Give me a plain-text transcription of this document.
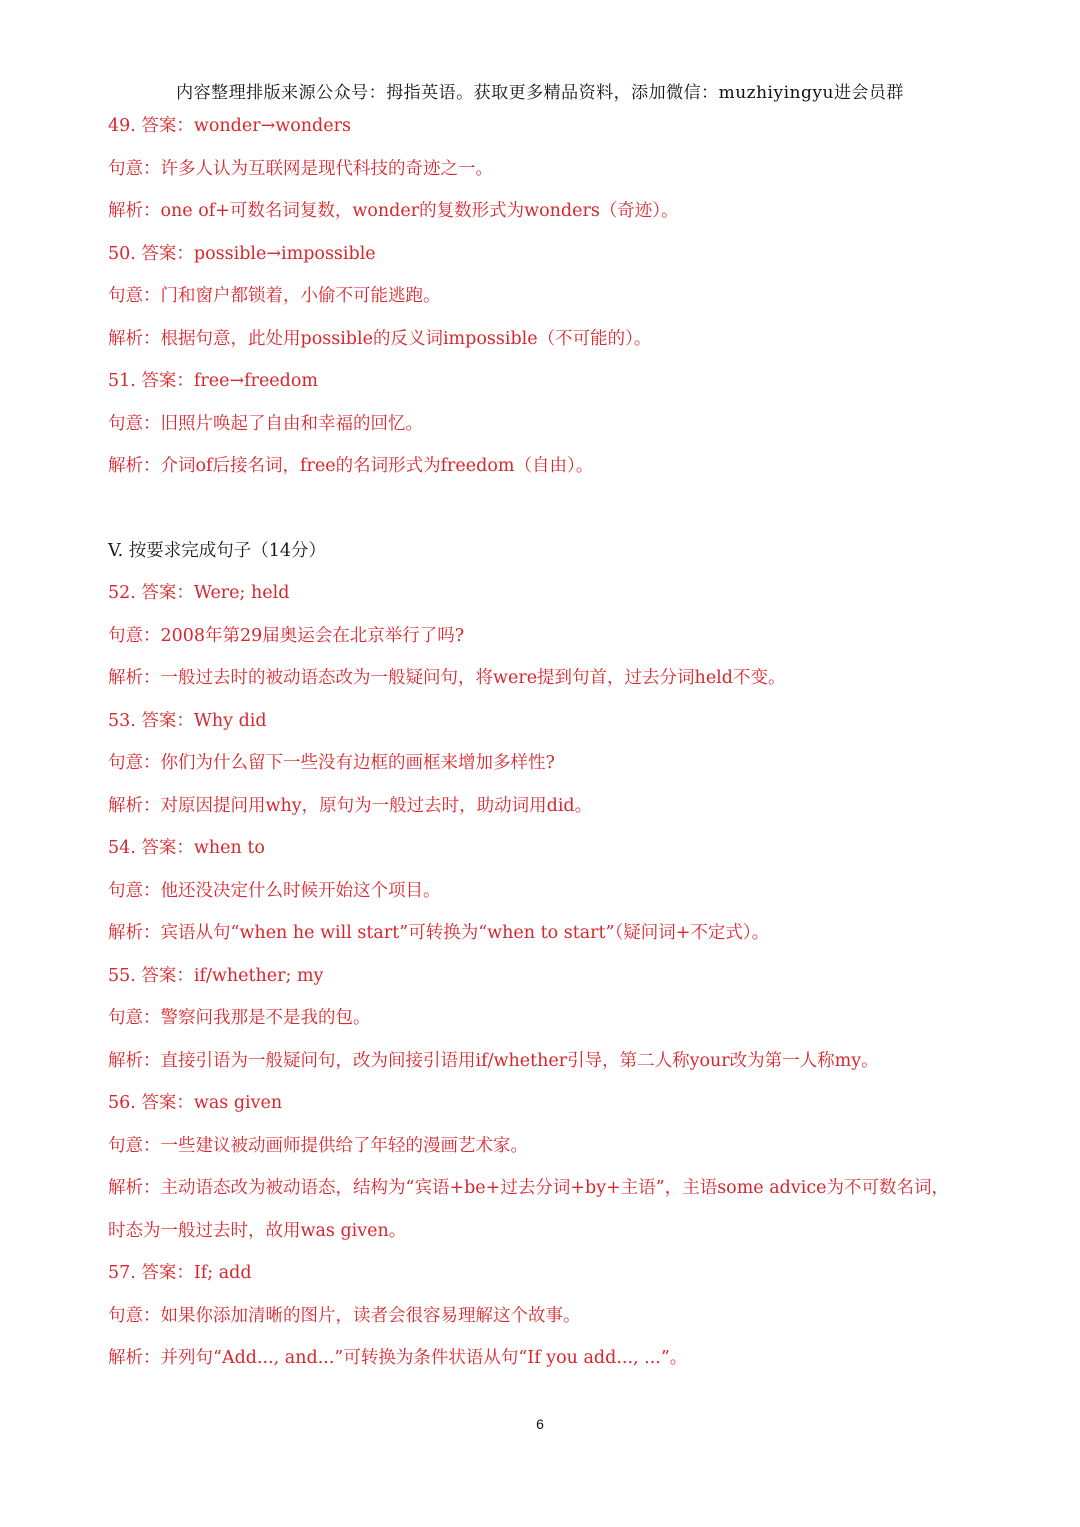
内容整理排版来源公众号：拇指英语。获取更多精品资料，添加微信：muzhiyingyu进会员群
49. 答案：wonder→wonders
句意：许多人认为互联网是现代科技的奇迹之一。
解析：one of+可数名词复数，wonder的复数形式为wonders（奇迹）。
50. 答案：possible→impossible
句意：门和窗户都锁着，小偷不可能逃跑。
解析：根据句意，此处用possible的反义词impossible（不可能的）。
51. 答案：free→freedom
句意：旧照片唤起了自由和幸福的回忆。
解析：介词of后接名词，free的名词形式为freedom（自由）。
V. 按要求完成句子（14分）
52. 答案：Were; held
句意：2008年第29届奥运会在北京举行了吗?
解析：一般过去时的被动语态改为一般疑问句，将were提到句首，过去分词held不变。
53. 答案：Why did
句意：你们为什么留下一些没有边框的画框来增加多样性?
解析：对原因提问用why，原句为一般过去时，助动词用did。
54. 答案：when to
句意：他还没决定什么时候开始这个项目。
解析：宾语从句“when he will start”可转换为“when to start”（疑问词+不定式）。
55. 答案：if/whether; my
句意：警察问我那是不是我的包。
解析：直接引语为一般疑问句，改为间接引语用if/whether引导，第二人称your改为第一人称my。
56. 答案：was given
句意：一些建议被动画师提供给了年轻的漫画艺术家。
解析：主动语态改为被动语态，结构为“宾语+be+过去分词+by+主语”，主语some advice为不可数名词，
时态为一般过去时，故用was given。
57. 答案：If; add
句意：如果你添加清晰的图片，读者会很容易理解这个故事。
解析：并列句“Add..., and...”可转换为条件状语从句“If you add..., ...”。
6
